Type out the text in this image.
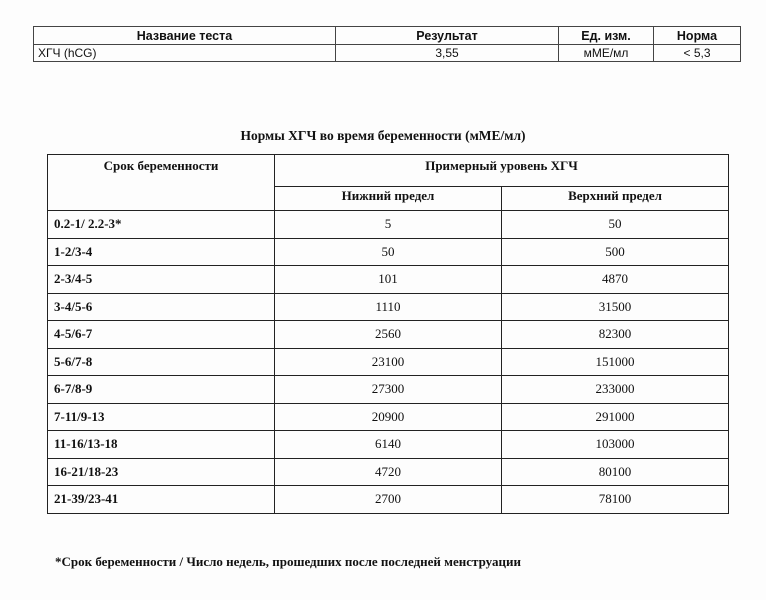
Название теста	Результат	Ед. изм.	Норма
ХГЧ (hCG)	3,55	мМЕ/мл	< 5,3
Нормы ХГЧ во время беременности (мМЕ/мл)
Срок беременности	Примерный уровень ХГЧ	
	Нижний предел	Верхний предел
0.2-1/ 2.2-3*	5	50
1-2/3-4	50	500
2-3/4-5	101	4870
3-4/5-6	1110	31500
4-5/6-7	2560	82300
5-6/7-8	23100	151000
6-7/8-9	27300	233000
7-11/9-13	20900	291000
11-16/13-18	6140	103000
16-21/18-23	4720	80100
21-39/23-41	2700	78100
*Срок беременности / Число недель, прошедших после последней менструации
